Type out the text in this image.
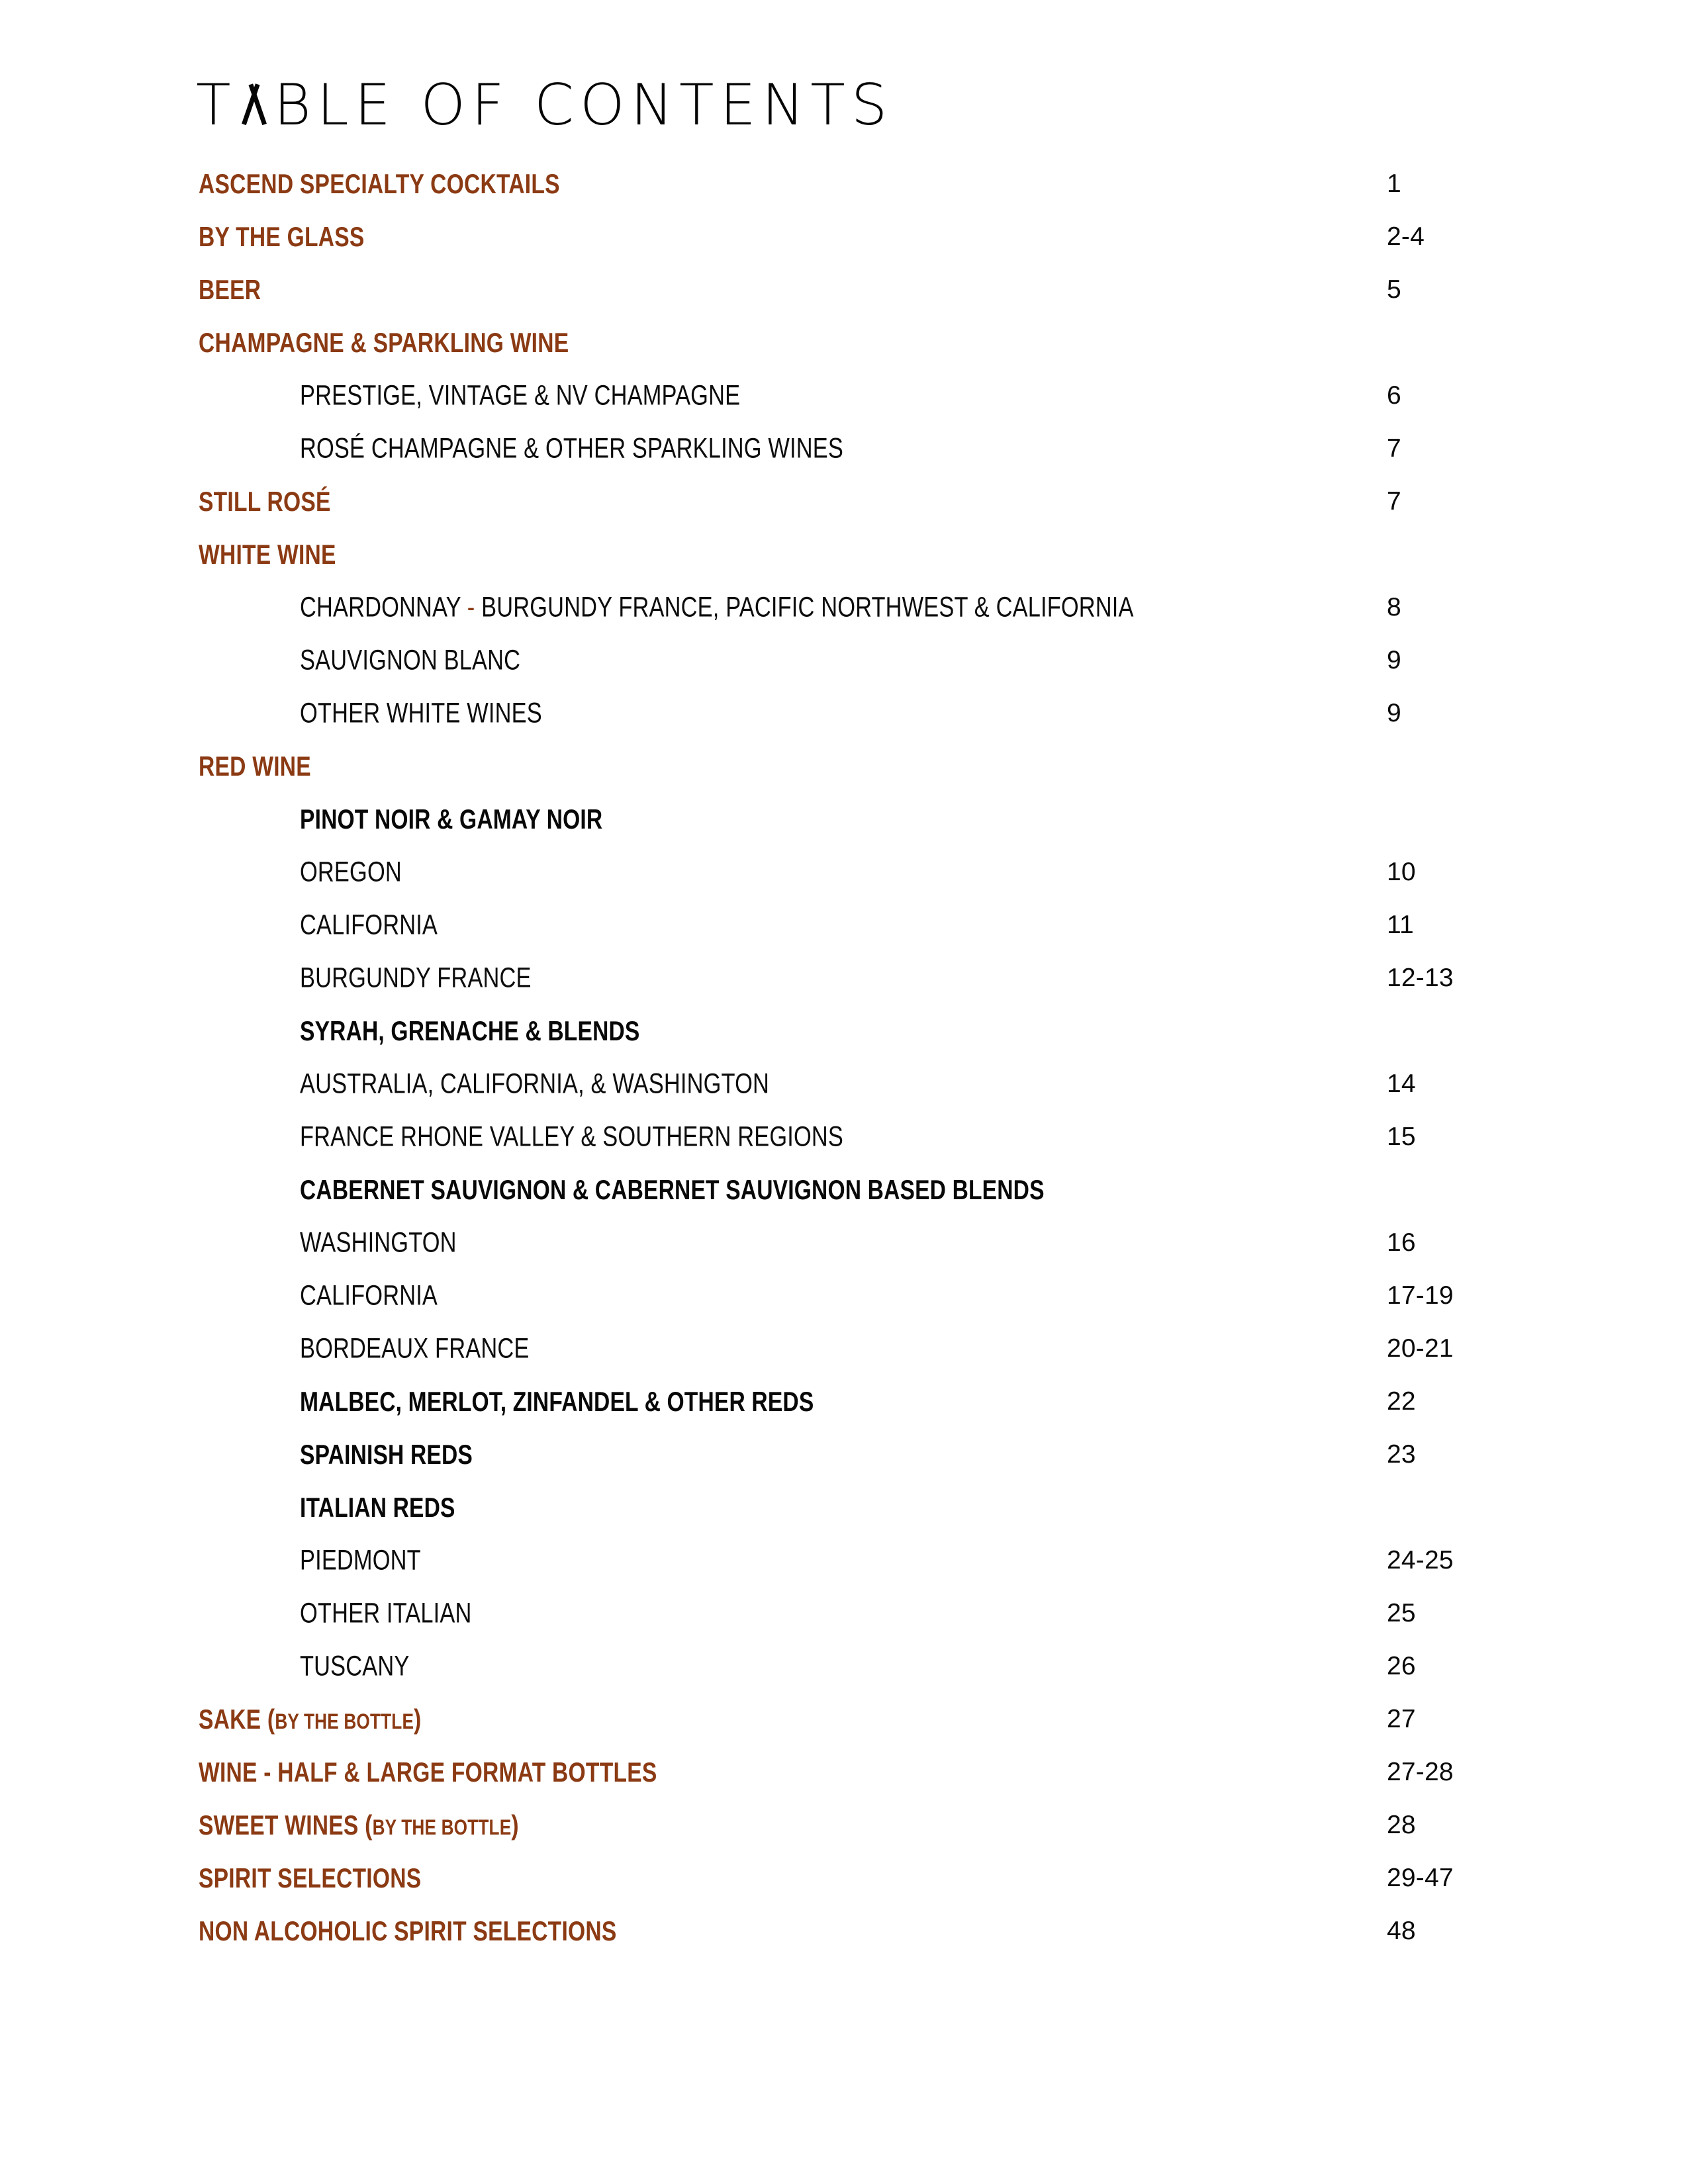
T BLE OF CONTENTS
ASCEND SPECIALTY COCKTAILS	1
BY THE GLASS	2-4
BEER	5
CHAMPAGNE & SPARKLING WINE
PRESTIGE, VINTAGE & NV CHAMPAGNE	6
ROSÉ CHAMPAGNE & OTHER SPARKLING WINES	7
STILL ROSÉ	7
WHITE WINE
CHARDONNAY - BURGUNDY FRANCE, PACIFIC NORTHWEST & CALIFORNIA	8
SAUVIGNON BLANC	9
OTHER WHITE WINES	9
RED WINE
PINOT NOIR & GAMAY NOIR
OREGON	10
CALIFORNIA	11
BURGUNDY FRANCE	12-13
SYRAH, GRENACHE & BLENDS
AUSTRALIA, CALIFORNIA, & WASHINGTON	14
FRANCE RHONE VALLEY & SOUTHERN REGIONS	15
CABERNET SAUVIGNON & CABERNET SAUVIGNON BASED BLENDS
WASHINGTON	16
CALIFORNIA	17-19
BORDEAUX FRANCE	20-21
MALBEC, MERLOT, ZINFANDEL & OTHER REDS	22
SPAINISH REDS	23
ITALIAN REDS
PIEDMONT	24-25
OTHER ITALIAN	25
TUSCANY	26
SAKE (BY THE BOTTLE)	27
WINE - HALF & LARGE FORMAT BOTTLES	27-28
SWEET WINES (BY THE BOTTLE)	28
SPIRIT SELECTIONS	29-47
NON ALCOHOLIC SPIRIT SELECTIONS	48
